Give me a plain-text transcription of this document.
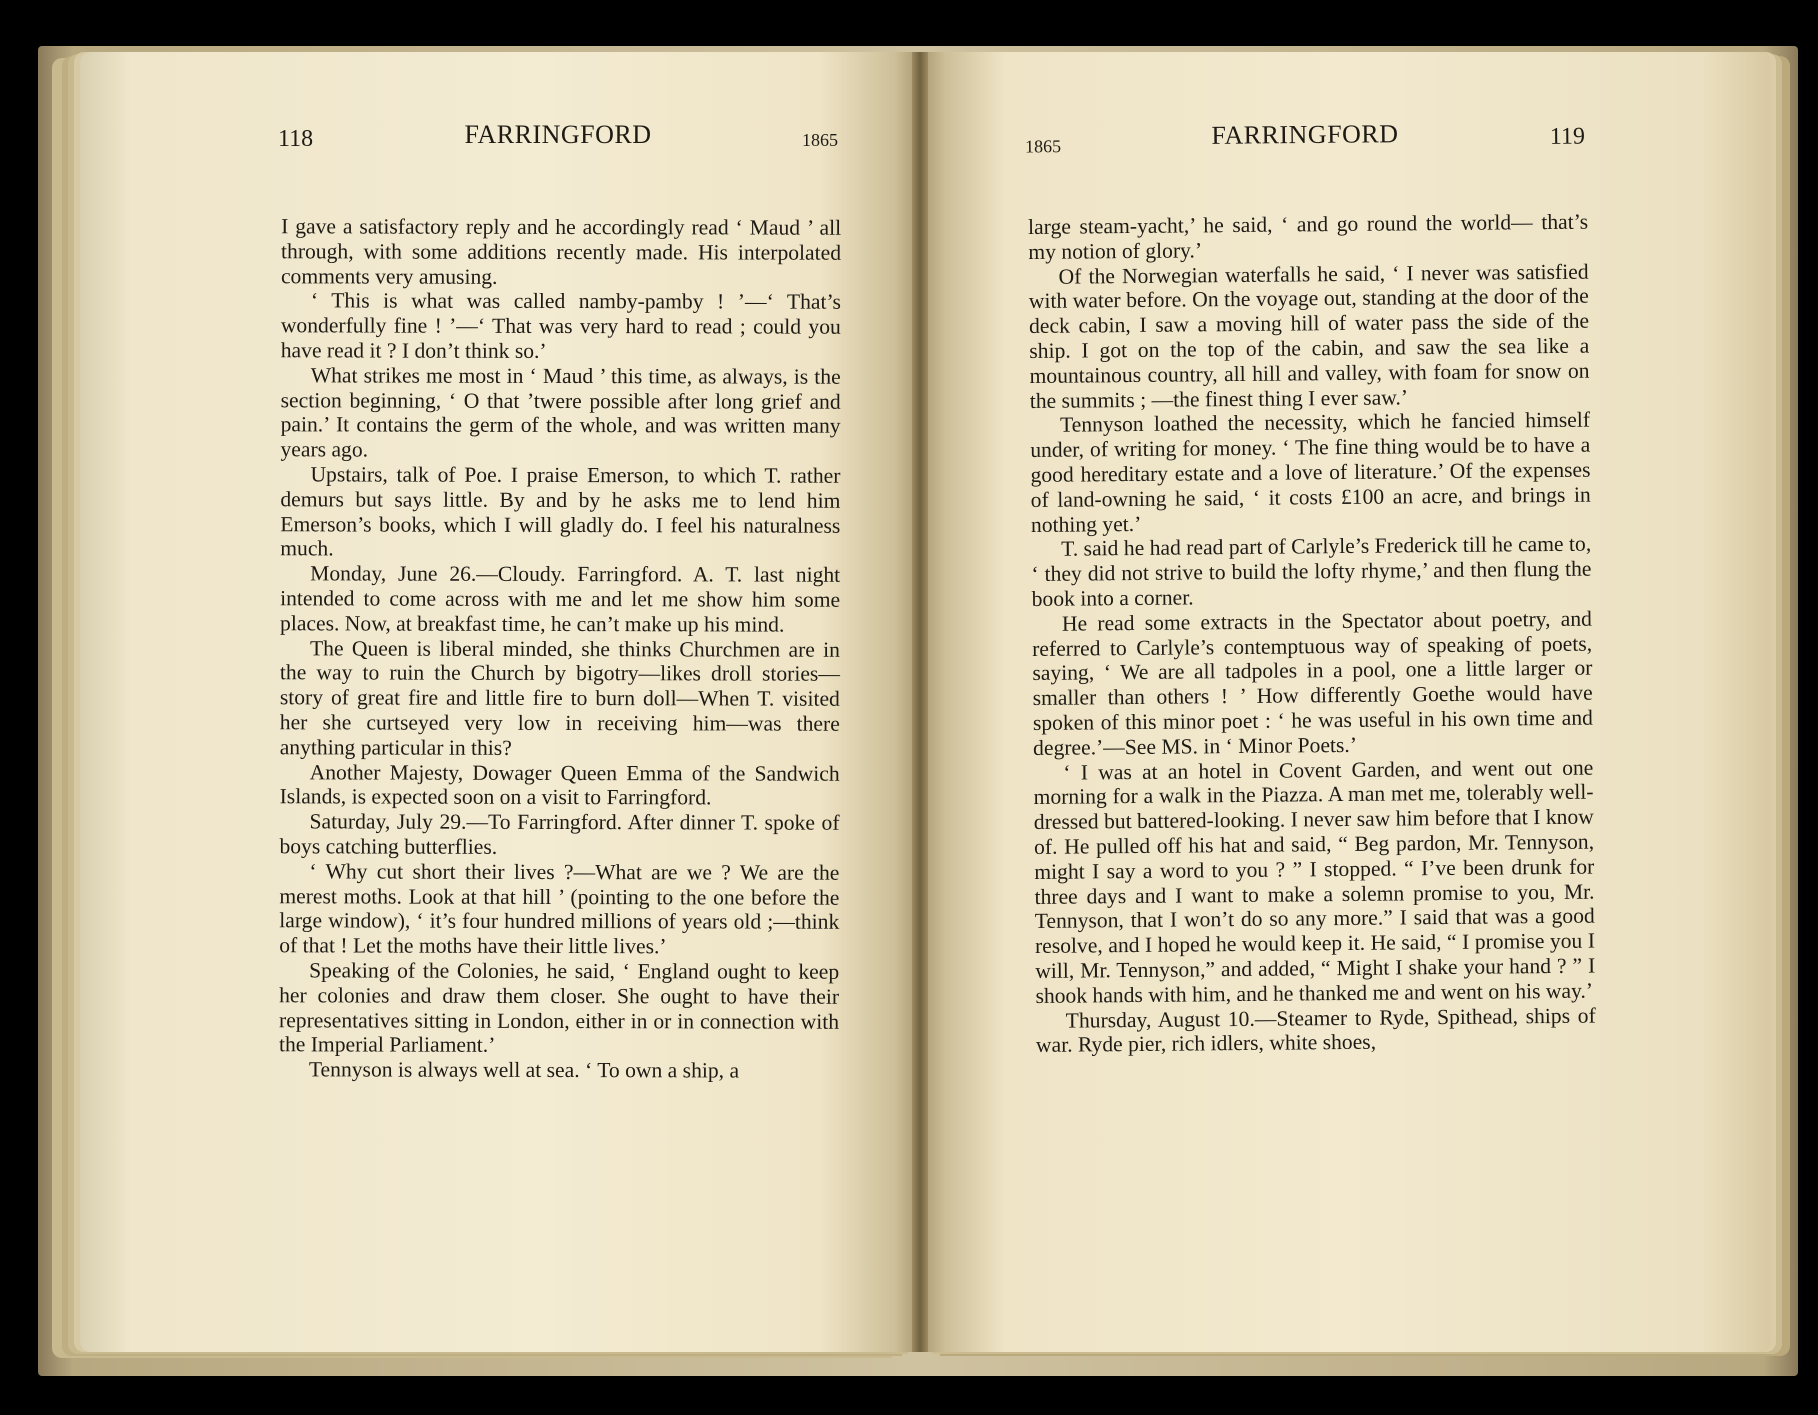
118	FARRINGFORD	1865

I gave a satisfactory reply and he accordingly read ‘ Maud ’ all through, with some additions recently made. His interpolated comments very amusing.

‘ This is what was called namby-pamby ! ’—‘ That’s wonderfully fine ! ’—‘ That was very hard to read ; could you have read it ? I don’t think so.’

What strikes me most in ‘ Maud ’ this time, as always, is the section beginning, ‘ O that ’twere possible after long grief and pain.’ It contains the germ of the whole, and was written many years ago.

Upstairs, talk of Poe. I praise Emerson, to which T. rather demurs but says little. By and by he asks me to lend him Emerson’s books, which I will gladly do. I feel his naturalness much.

Monday, June 26.—Cloudy. Farringford. A. T. last night intended to come across with me and let me show him some places. Now, at breakfast time, he can’t make up his mind.

The Queen is liberal minded, she thinks Churchmen are in the way to ruin the Church by bigotry—likes droll stories—story of great fire and little fire to burn doll—When T. visited her she curtseyed very low in receiving him—was there anything particular in this?

Another Majesty, Dowager Queen Emma of the Sandwich Islands, is expected soon on a visit to Farringford.

Saturday, July 29.—To Farringford. After dinner T. spoke of boys catching butterflies.

‘ Why cut short their lives ?—What are we ? We are the merest moths. Look at that hill ’ (pointing to the one before the large window), ‘ it’s four hundred millions of years old ;—think of that ! Let the moths have their little lives.’

Speaking of the Colonies, he said, ‘ England ought to keep her colonies and draw them closer. She ought to have their representatives sitting in London, either in or in connection with the Imperial Parliament.’

Tennyson is always well at sea. ‘ To own a ship, a

1865	FARRINGFORD	119

large steam-yacht,’ he said, ‘ and go round the world— that’s my notion of glory.’

Of the Norwegian waterfalls he said, ‘ I never was satisfied with water before. On the voyage out, standing at the door of the deck cabin, I saw a moving hill of water pass the side of the ship. I got on the top of the cabin, and saw the sea like a mountainous country, all hill and valley, with foam for snow on the summits ; —the finest thing I ever saw.’

Tennyson loathed the necessity, which he fancied himself under, of writing for money. ‘ The fine thing would be to have a good hereditary estate and a love of literature.’ Of the expenses of land-owning he said, ‘ it costs £100 an acre, and brings in nothing yet.’

T. said he had read part of Carlyle’s Frederick till he came to, ‘ they did not strive to build the lofty rhyme,’ and then flung the book into a corner.

He read some extracts in the Spectator about poetry, and referred to Carlyle’s contemptuous way of speaking of poets, saying, ‘ We are all tadpoles in a pool, one a little larger or smaller than others ! ’ How differently Goethe would have spoken of this minor poet : ‘ he was useful in his own time and degree.’—See MS. in ‘ Minor Poets.’

‘ I was at an hotel in Covent Garden, and went out one morning for a walk in the Piazza. A man met me, tolerably well-dressed but battered-looking. I never saw him before that I know of. He pulled off his hat and said, “ Beg pardon, Mr. Tennyson, might I say a word to you ? ” I stopped. “ I’ve been drunk for three days and I want to make a solemn promise to you, Mr. Tennyson, that I won’t do so any more.” I said that was a good resolve, and I hoped he would keep it. He said, “ I promise you I will, Mr. Tennyson,” and added, “ Might I shake your hand ? ” I shook hands with him, and he thanked me and went on his way.’

Thursday, August 10.—Steamer to Ryde, Spithead, ships of war. Ryde pier, rich idlers, white shoes,
